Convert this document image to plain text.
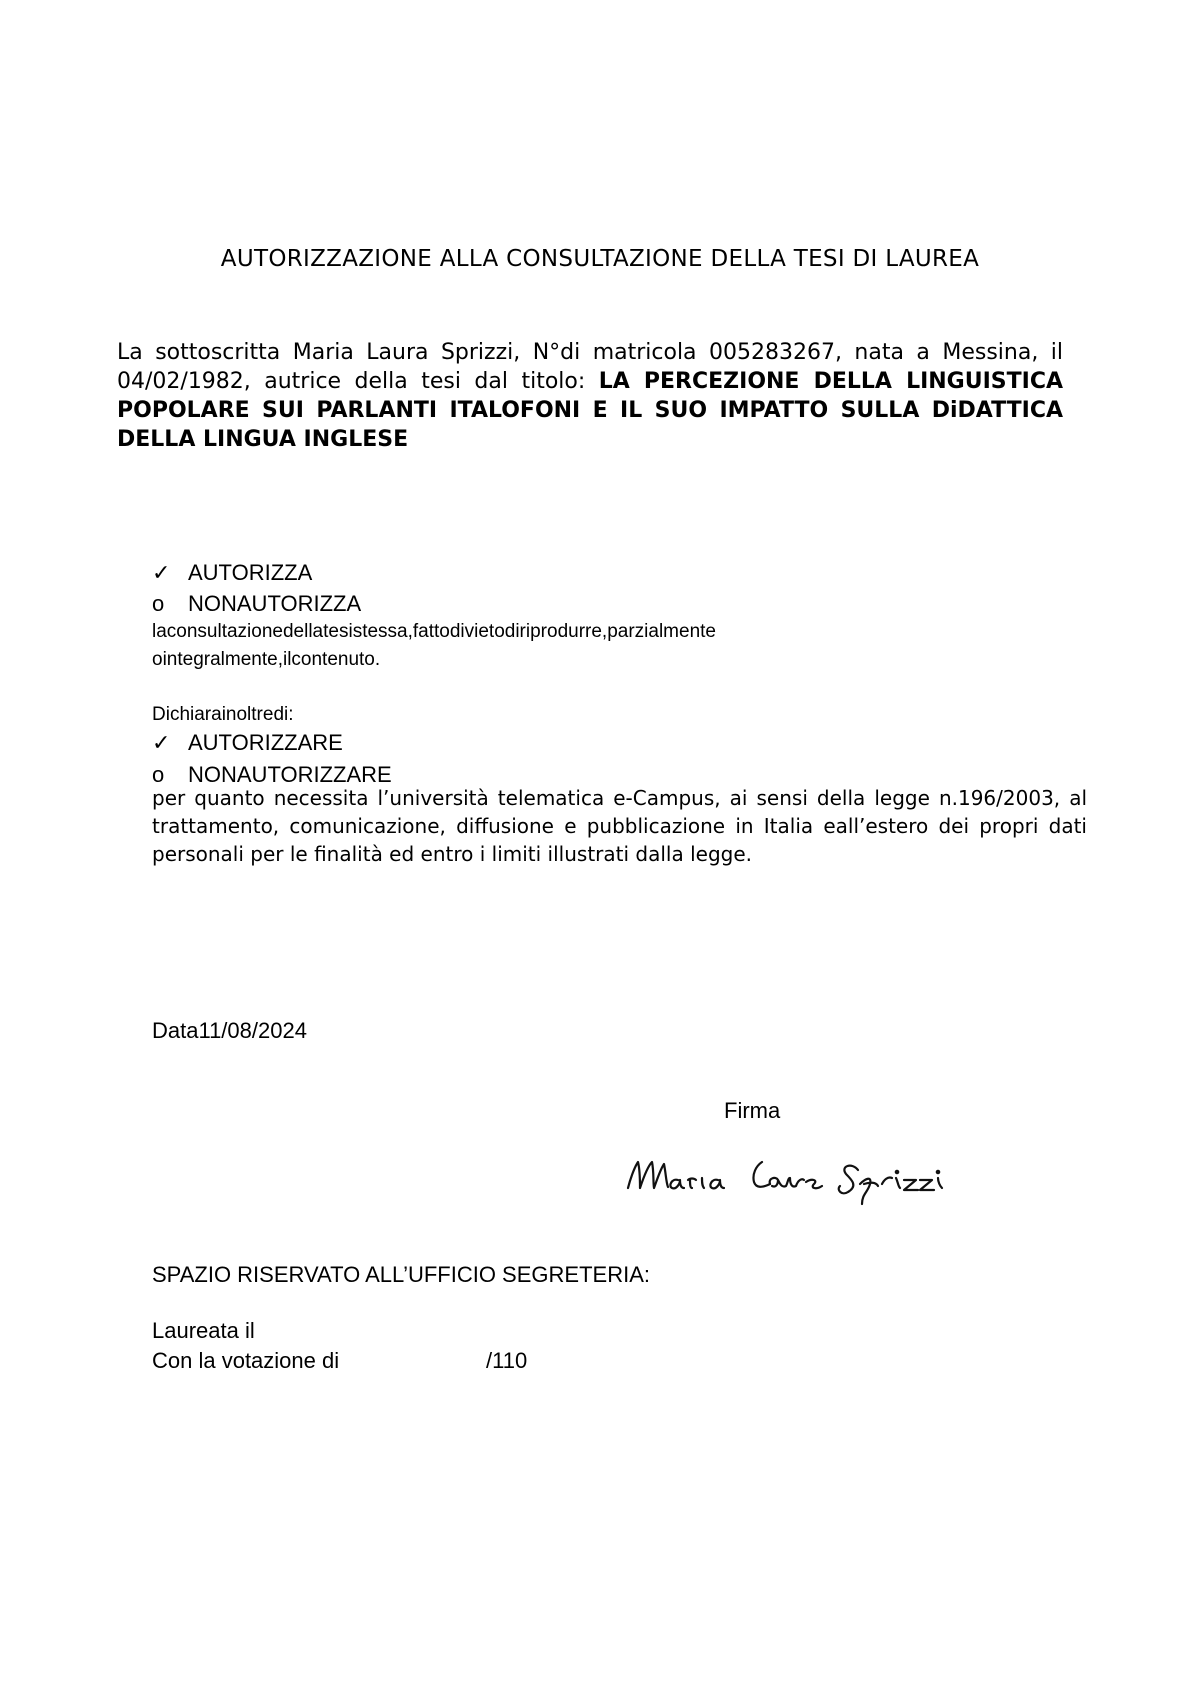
AUTORIZZAZIONE ALLA CONSULTAZIONE DELLA TESI DI LAUREA
La sottoscritta Maria Laura Sprizzi, N°di matricola 005283267, nata a Messina, il 04/02/1982, autrice della tesi dal titolo: LA PERCEZIONE DELLA LINGUISTICA POPOLARE SUI PARLANTI ITALOFONI E IL SUO IMPATTO SULLA DiDATTICA DELLA LINGUA INGLESE
✓ AUTORIZZA
o NONAUTORIZZA
laconsultazionedellatesistessa,fattodivietodiriprodurre,parzialmente
ointegralmente,ilcontenuto.
Dichiarainoltredi:
✓ AUTORIZZARE
o NONAUTORIZZARE
per quanto necessita l’università telematica e-Campus, ai sensi della legge n.196/2003, al trattamento, comunicazione, diffusione e pubblicazione in Italia eall’estero dei propri dati personali per le finalità ed entro i limiti illustrati dalla legge.
Data11/08/2024
Firma
SPAZIO RISERVATO ALL’UFFICIO SEGRETERIA:
Laureata il
Con la votazione di	/110
